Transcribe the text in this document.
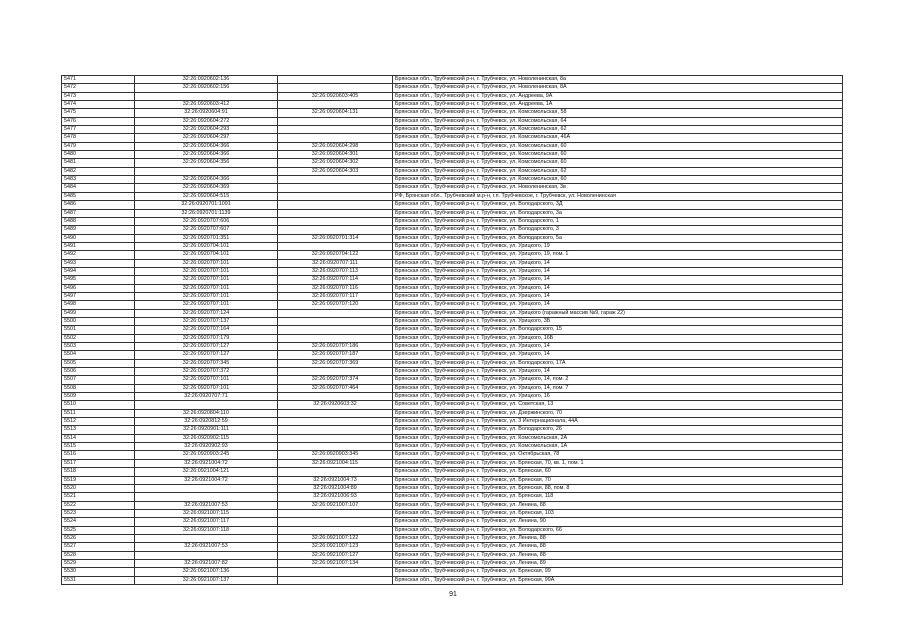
5471	32:26:0920602:136		Брянская обл., Трубчевский р-н, г. Трубчевск, ул. Новоленинская, 8а
5472	32:26:0920602:156		Брянская обл., Трубчевский р-н, г. Трубчевск, ул. Новоленинская, 8А
5473		32:26:0920603:405	Брянская обл., Трубчевский р-н, г. Трубчевск, ул. Андреева, 9А
5474	32:26:0920603:412		Брянская обл., Трубчевский р-н, г. Трубчевск, ул. Андреева, 1А
5475	32:26:0920604:91	32:26:0920604:131	Брянская обл., Трубчевский р-н, г. Трубчевск, ул. Комсомольская, 58
5476	32:26:0920604:272		Брянская обл., Трубчевский р-н, г. Трубчевск, ул. Комсомольская, 64
5477	32:26:0920604:293		Брянская обл., Трубчевский р-н, г. Трубчевск, ул. Комсомольская, 62
5478	32:26:0920604:297		Брянская обл., Трубчевский р-н, г. Трубчевск, ул. Комсомольская, 46А
5479	32:26:0920604:366	32:26:0920604:298	Брянская обл., Трубчевский р-н, г. Трубчевск, ул. Комсомольская, 60
5480	32:26:0920604:366	32:26:0920604:301	Брянская обл., Трубчевский р-н, г. Трубчевск, ул. Комсомольская, 60
5481	32:26:0920604:356	32:26:0920604:302	Брянская обл., Трубчевский р-н, г. Трубчевск, ул. Комсомольская, 60
5482		32:26:0920604:303	Брянская обл., Трубчевский р-н, г. Трубчевск, ул. Комсомольская, 62
5483	32:26:0920604:366		Брянская обл., Трубчевский р-н, г. Трубчевск, ул. Комсомольская, 60
5484	32:26:0920604:369		Брянская обл., Трубчевский р-н, г. Трубчевск, ул. Новоленинская, 3в
5485	32:26:0920604:515		РФ, Брянская обл., Трубчевский м.р-н, г.п. Трубчевское, г. Трубчевск, ул. Новоленинская
5486	32:26:0920701:1091		Брянская обл., Трубчевский р-н, г. Трубчевск, ул. Володарского, 3Д
5487	32:26:0920701:1139		Брянская обл., Трубчевский р-н, г. Трубчевск, ул. Володарского, 3а
5488	32:26:0920707:606		Брянская обл., Трубчевский р-н, г. Трубчевск, ул. Володарского, 1
5489	32:26:0920707:607		Брянская обл., Трубчевский р-н, г. Трубчевск, ул. Володарского, 3
5490	32:26:0920701:351	32:26:0920701:314	Брянская обл., Трубчевский р-н, г. Трубчевск, ул. Володарского, 5а
5491	32:26:0920704:101		Брянская обл., Трубчевский р-н, г. Трубчевск, ул. Урицкого, 19
5492	32:26:0920704:101	32:26:0920704:122	Брянская обл., Трубчевский р-н, г. Трубчевск, ул. Урицкого, 19, пом. 1
5493	32:26:0920707:101	32:26:0920707:111	Брянская обл., Трубчевский р-н, г. Трубчевск, ул. Урицкого, 14
5494	32:26:0920707:101	32:26:0920707:113	Брянская обл., Трубчевский р-н, г. Трубчевск, ул. Урицкого, 14
5495	32:26:0920707:101	32:26:0920707:114	Брянская обл., Трубчевский р-н, г. Трубчевск, ул. Урицкого, 14
5496	32:26:0920707:101	32:26:0920707:116	Брянская обл., Трубчевский р-н, г. Трубчевск, ул. Урицкого, 14
5497	32:26:0920707:101	32:26:0920707:117	Брянская обл., Трубчевский р-н, г. Трубчевск, ул. Урицкого, 14
5498	32:26:0920707:101	32:26:0920707:120	Брянская обл., Трубчевский р-н, г. Трубчевск, ул. Урицкого, 14
5499	32:26:0920707:124		Брянская обл., Трубчевский р-н, г. Трубчевск, ул. Урицкого (гаражный массив №9, гараж 22)
5500	32:26:0920707:137		Брянская обл., Трубчевский р-н, г. Трубчевск, ул. Урицкого, 3Б
5501	32:26:0920707:164		Брянская обл., Трубчевский р-н, г. Трубчевск, ул. Володарского, 15
5502	32:26:0920707:179		Брянская обл., Трубчевский р-н, г. Трубчевск, ул. Урицкого, 16Б
5503	32:26:0920707:127	32:26:0920707:186	Брянская обл., Трубчевский р-н, г. Трубчевск, ул. Урицкого, 14
5504	32:26:0920707:127	32:26:0920707:187	Брянская обл., Трубчевский р-н, г. Трубчевск, ул. Урицкого, 14
5505	32:26:0920707:345	32:26:0920707:369	Брянская обл., Трубчевский р-н, г. Трубчевск, ул. Володарского, 17А
5506	32:26:0920707:372		Брянская обл., Трубчевский р-н, г. Трубчевск, ул. Урицкого, 14
5507	32:26:0920707:101	32:26:0920707:374	Брянская обл., Трубчевский р-н, г. Трубчевск, ул. Урицкого, 14, пом. 2
5508	32:26:0920707:101	32:26:0920707:464	Брянская обл., Трубчевский р-н, г. Трубчевск, ул. Урицкого, 14, пом. 7
5509	32:26:0920707:71		Брянская обл., Трубчевский р-н, г. Трубчевск, ул. Урицкого, 16
5510		32:26:0920603:32	Брянская обл., Трубчевский р-н, г. Трубчевск, ул. Советская, 13
5511	32:26:0920804:110		Брянская обл., Трубчевский р-н, г. Трубчевск, ул. Дзержинского, 70
5512	32:26:0920812:59		Брянская обл., Трубчевский р-н, г. Трубчевск, ул. 3 Интернационала, 44А
5513	32:26:0920901:111		Брянская обл., Трубчевский р-н, г. Трубчевск, ул. Володарского, 26
5514	32:26:0920902:115		Брянская обл., Трубчевский р-н, г. Трубчевск, ул. Комсомольская, 2А
5515	32:26:0920902:93		Брянская обл., Трубчевский р-н, г. Трубчевск, ул. Комсомольская, 1А
5516	32:26:0920903:245	32:26:0920903:345	Брянская обл., Трубчевский р-н, г. Трубчевск, ул. Октябрьская, 78
5517	32:26:0921004:72	32:26:0921004:115	Брянская обл., Трубчевский р-н, г. Трубчевск, ул. Брянская, 70, кв. 1, пом. 1
5518	32:26:0921004:121		Брянская обл., Трубчевский р-н, г. Трубчевск, ул. Брянская, 60
5519	32:26:0921004:72	32:26:0921004:73	Брянская обл., Трубчевский р-н, г. Трубчевск, ул. Брянская, 70
5520		32:26:0921004:89	Брянская обл., Трубчевский р-н, г. Трубчевск, ул. Брянская, 88, пом. 8
5521		32:26:0921006:93	Брянская обл., Трубчевский р-н, г. Трубчевск, ул. Брянская, 118
5522	32:26:0921007:53	32:26:0921007:107	Брянская обл., Трубчевский р-н, г. Трубчевск, ул. Ленина, 88
5523	32:26:0921007:115		Брянская обл., Трубчевский р-н, г. Трубчевск, ул. Брянская, 103
5524	32:26:0921007:117		Брянская обл., Трубчевский р-н, г. Трубчевск, ул. Ленина, 90
5525	32:26:0921007:118		Брянская обл., Трубчевский р-н, г. Трубчевск, ул. Володарского, 66
5526		32:26:0921007:122	Брянская обл., Трубчевский р-н, г. Трубчевск, ул. Ленина, 88
5527	32:26:0921007:53	32:26:0921007:123	Брянская обл., Трубчевский р-н, г. Трубчевск, ул. Ленина, 88
5528		32:26:0921007:127	Брянская обл., Трубчевский р-н, г. Трубчевск, ул. Ленина, 88
5529	32:26:0921007:82	32:26:0921007:134	Брянская обл., Трубчевский р-н, г. Трубчевск, ул. Ленина, 89
5530	32:26:0921007:136		Брянская обл., Трубчевский р-н, г. Трубчевск, ул. Брянская, 99
5531	32:26:0921007:137		Брянская обл., Трубчевский р-н, г. Трубчевск, ул. Брянская, 99А
91
